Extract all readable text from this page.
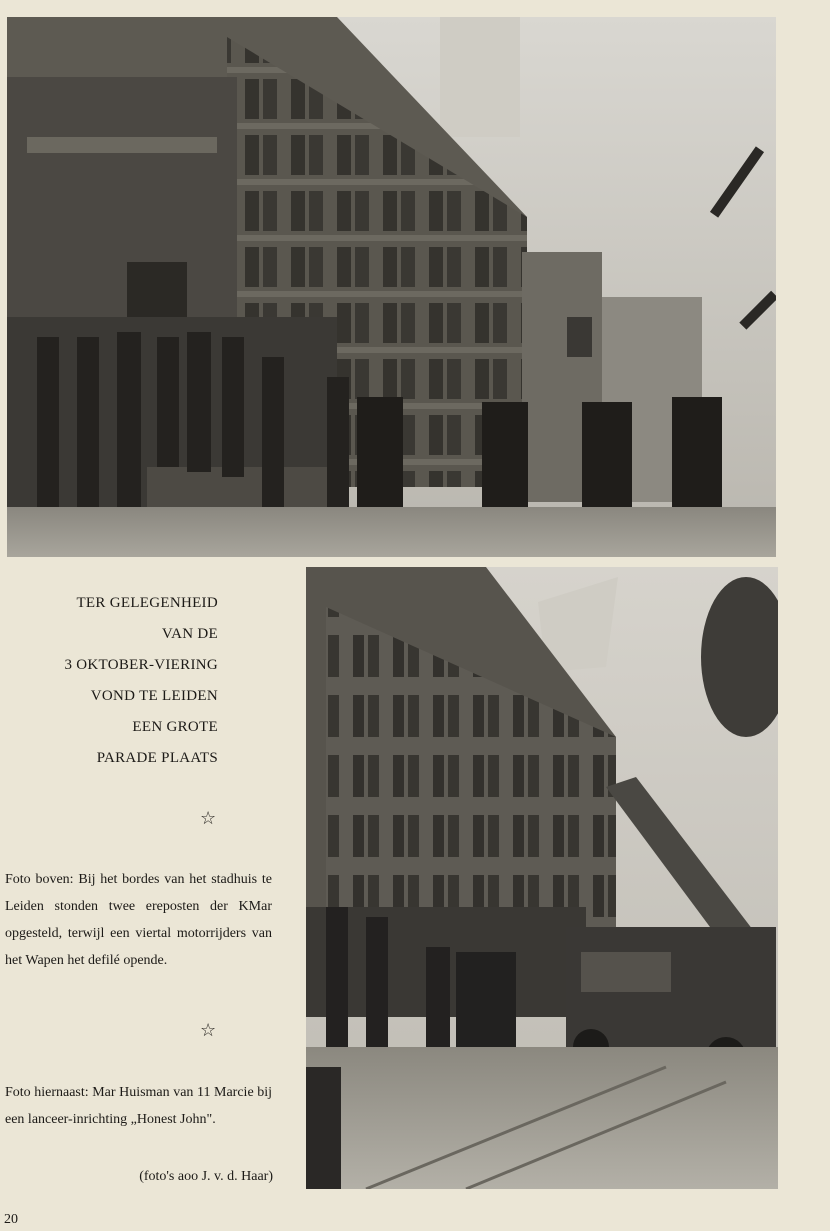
TER GELEGENHEID
VAN DE
3 OKTOBER-VIERING
VOND TE LEIDEN
EEN GROTE
PARADE PLAATS
☆
Foto boven: Bij het bordes van het stadhuis te Leiden stonden twee ereposten der KMar opgesteld, terwijl een viertal motorrijders van het Wapen het defilé opende.
☆
Foto hiernaast: Mar Huisman van 11 Marcie bij een lanceer-inrichting „Honest John".
(foto's aoo J. v. d. Haar)
20
